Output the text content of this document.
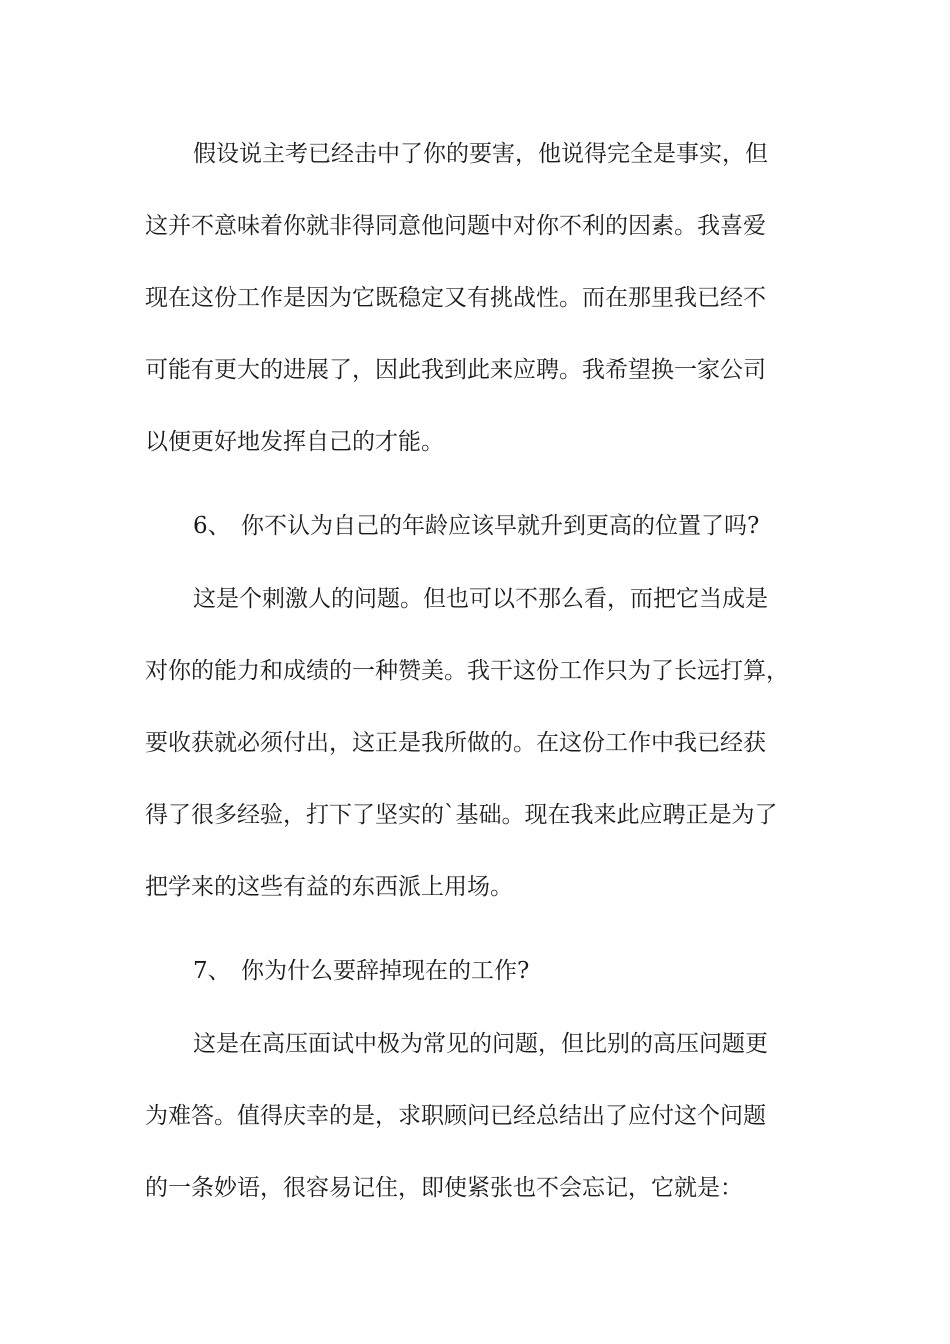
假设说主考已经击中了你的要害，他说得完全是事实，但
这并不意味着你就非得同意他问题中对你不利的因素。我喜爱
现在这份工作是因为它既稳定又有挑战性。而在那里我已经不
可能有更大的进展了，因此我到此来应聘。我希望换一家公司
以便更好地发挥自己的才能。
6、 你不认为自己的年龄应该早就升到更高的位置了吗?
这是个刺激人的问题。但也可以不那么看，而把它当成是
对你的能力和成绩的一种赞美。我干这份工作只为了长远打算，
要收获就必须付出，这正是我所做的。在这份工作中我已经获
得了很多经验，打下了坚实的`基础。现在我来此应聘正是为了
把学来的这些有益的东西派上用场。
7、 你为什么要辞掉现在的工作?
这是在高压面试中极为常见的问题，但比别的高压问题更
为难答。值得庆幸的是，求职顾问已经总结出了应付这个问题
的一条妙语，很容易记住，即使紧张也不会忘记，它就是：
